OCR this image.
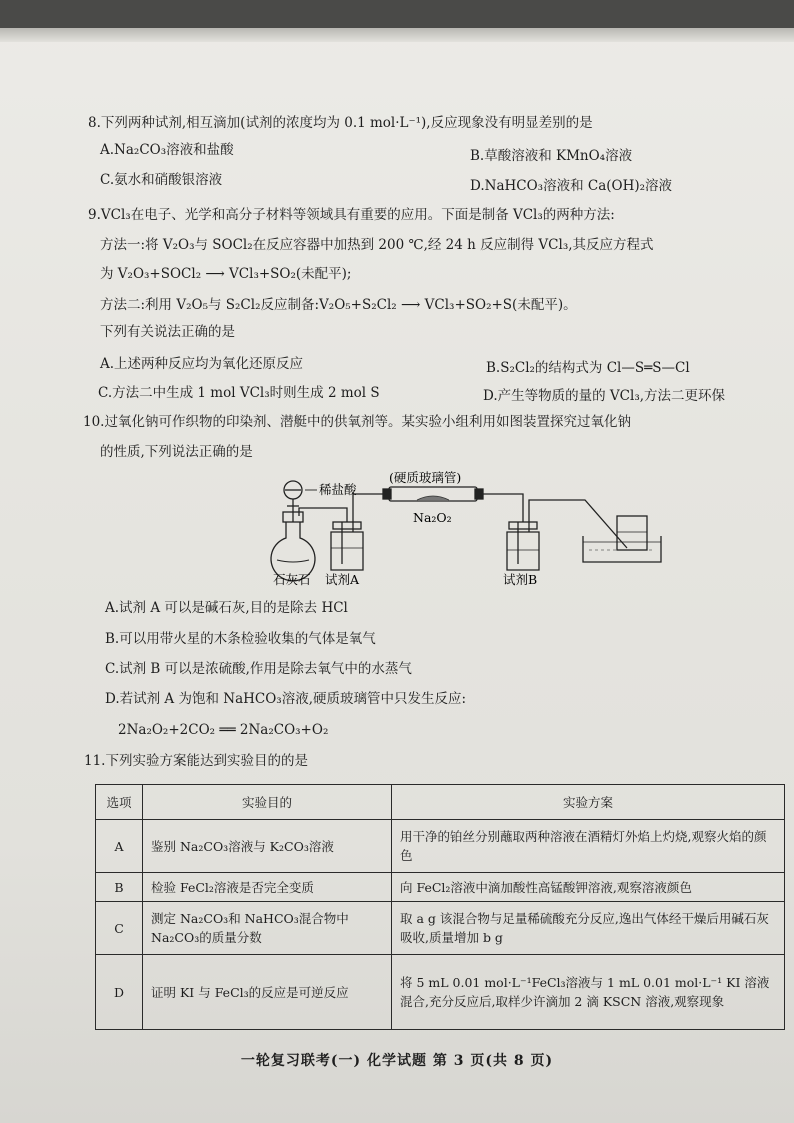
8.下列两种试剂,相互滴加(试剂的浓度均为 0.1 mol·L⁻¹),反应现象没有明显差别的是
A.Na₂CO₃溶液和盐酸	B.草酸溶液和 KMnO₄溶液
C.氨水和硝酸银溶液	D.NaHCO₃溶液和 Ca(OH)₂溶液
9.VCl₃在电子、光学和高分子材料等领域具有重要的应用。下面是制备 VCl₃的两种方法:
方法一:将 V₂O₃与 SOCl₂在反应容器中加热到 200 ℃,经 24 h 反应制得 VCl₃,其反应方程式
为 V₂O₃+SOCl₂ ⟶ VCl₃+SO₂(未配平);
方法二:利用 V₂O₅与 S₂Cl₂反应制备:V₂O₅+S₂Cl₂ ⟶ VCl₃+SO₂+S(未配平)。
下列有关说法正确的是
A.上述两种反应均为氧化还原反应	B.S₂Cl₂的结构式为 Cl—S═S—Cl
C.方法二中生成 1 mol VCl₃时则生成 2 mol S	D.产生等物质的量的 VCl₃,方法二更环保
10.过氧化钠可作织物的印染剂、潜艇中的供氧剂等。某实验小组利用如图装置探究过氧化钠
的性质,下列说法正确的是
稀盐酸
(硬质玻璃管)
Na₂O₂
石灰石 试剂A	试剂B
A.试剂 A 可以是碱石灰,目的是除去 HCl
B.可以用带火星的木条检验收集的气体是氧气
C.试剂 B 可以是浓硫酸,作用是除去氧气中的水蒸气
D.若试剂 A 为饱和 NaHCO₃溶液,硬质玻璃管中只发生反应:
2Na₂O₂+2CO₂ ══ 2Na₂CO₃+O₂
11.下列实验方案能达到实验目的的是
选项	实验目的	实验方案
A	鉴别 Na₂CO₃溶液与 K₂CO₃溶液	用干净的铂丝分别蘸取两种溶液在酒精灯外焰上灼烧,观察火焰的颜色
B	检验 FeCl₂溶液是否完全变质	向 FeCl₂溶液中滴加酸性高锰酸钾溶液,观察溶液颜色
C	测定 Na₂CO₃和 NaHCO₃混合物中 Na₂CO₃的质量分数	取 a g 该混合物与足量稀硫酸充分反应,逸出气体经干燥后用碱石灰吸收,质量增加 b g
D	证明 KI 与 FeCl₃的反应是可逆反应	将 5 mL 0.01 mol·L⁻¹FeCl₃溶液与 1 mL 0.01 mol·L⁻¹ KI 溶液混合,充分反应后,取样少许滴加 2 滴 KSCN 溶液,观察现象
一轮复习联考(一) 化学试题 第 3 页(共 8 页)
